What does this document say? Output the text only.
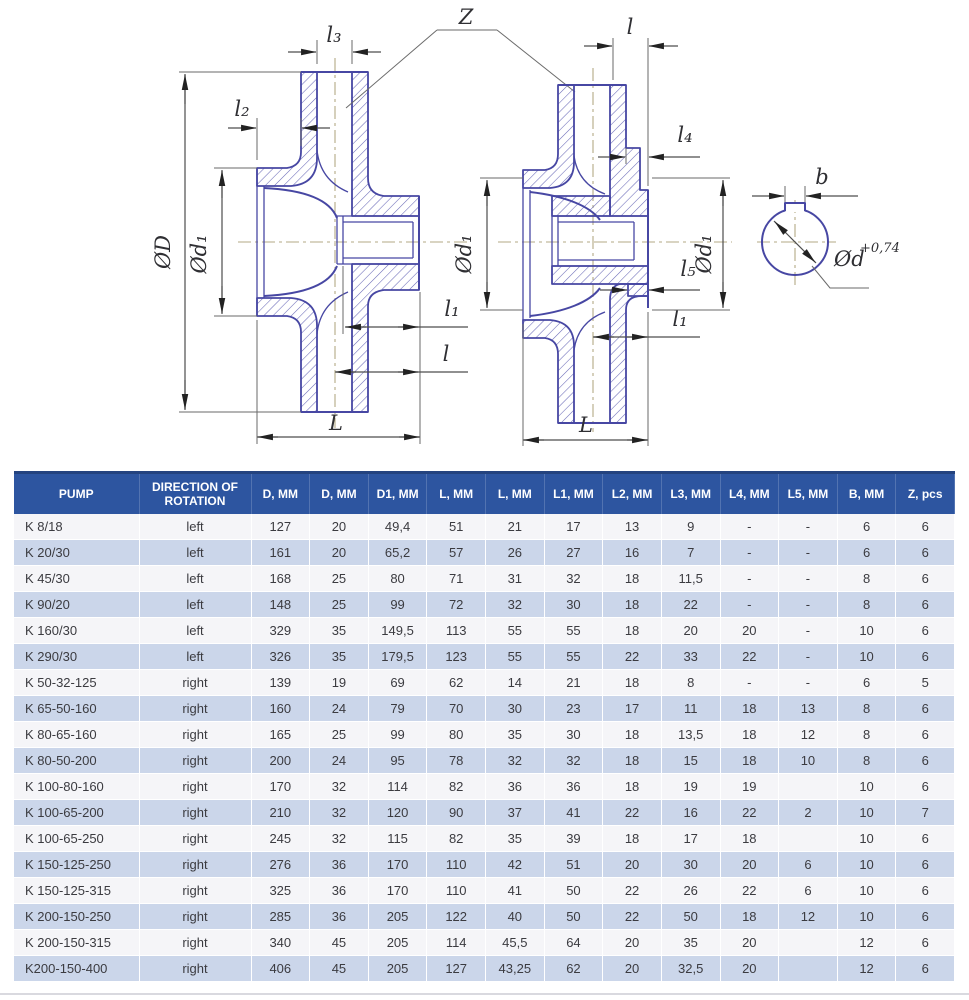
ØD Ød₁
l₃
l₂
l₁
l
L
Z	l
l₄
l₅
l₁
Ød₁	Ød₁
L
Ød
+0,74
b
PUMP	DIRECTION OF ROTATION	D, MM	D, MM	D1, MM	L, MM	L, MM	L1, MM	L2, MM	L3, MM	L4, MM	L5, MM	B, MM	Z, pcs
K 8/18	left	127	20	49,4	51	21	17	13	9	-	-	6	6
K 20/30	left	161	20	65,2	57	26	27	16	7	-	-	6	6
K 45/30	left	168	25	80	71	31	32	18	11,5	-	-	8	6
K 90/20	left	148	25	99	72	32	30	18	22	-	-	8	6
K 160/30	left	329	35	149,5	113	55	55	18	20	20	-	10	6
K 290/30	left	326	35	179,5	123	55	55	22	33	22	-	10	6
K 50-32-125	right	139	19	69	62	14	21	18	8	-	-	6	5
K 65-50-160	right	160	24	79	70	30	23	17	11	18	13	8	6
K 80-65-160	right	165	25	99	80	35	30	18	13,5	18	12	8	6
K 80-50-200	right	200	24	95	78	32	32	18	15	18	10	8	6
K 100-80-160	right	170	32	114	82	36	36	18	19	19		10	6
K 100-65-200	right	210	32	120	90	37	41	22	16	22	2	10	7
K 100-65-250	right	245	32	115	82	35	39	18	17	18		10	6
K 150-125-250	right	276	36	170	110	42	51	20	30	20	6	10	6
K 150-125-315	right	325	36	170	110	41	50	22	26	22	6	10	6
K 200-150-250	right	285	36	205	122	40	50	22	50	18	12	10	6
K 200-150-315	right	340	45	205	114	45,5	64	20	35	20		12	6
K200-150-400	right	406	45	205	127	43,25	62	20	32,5	20		12	6
